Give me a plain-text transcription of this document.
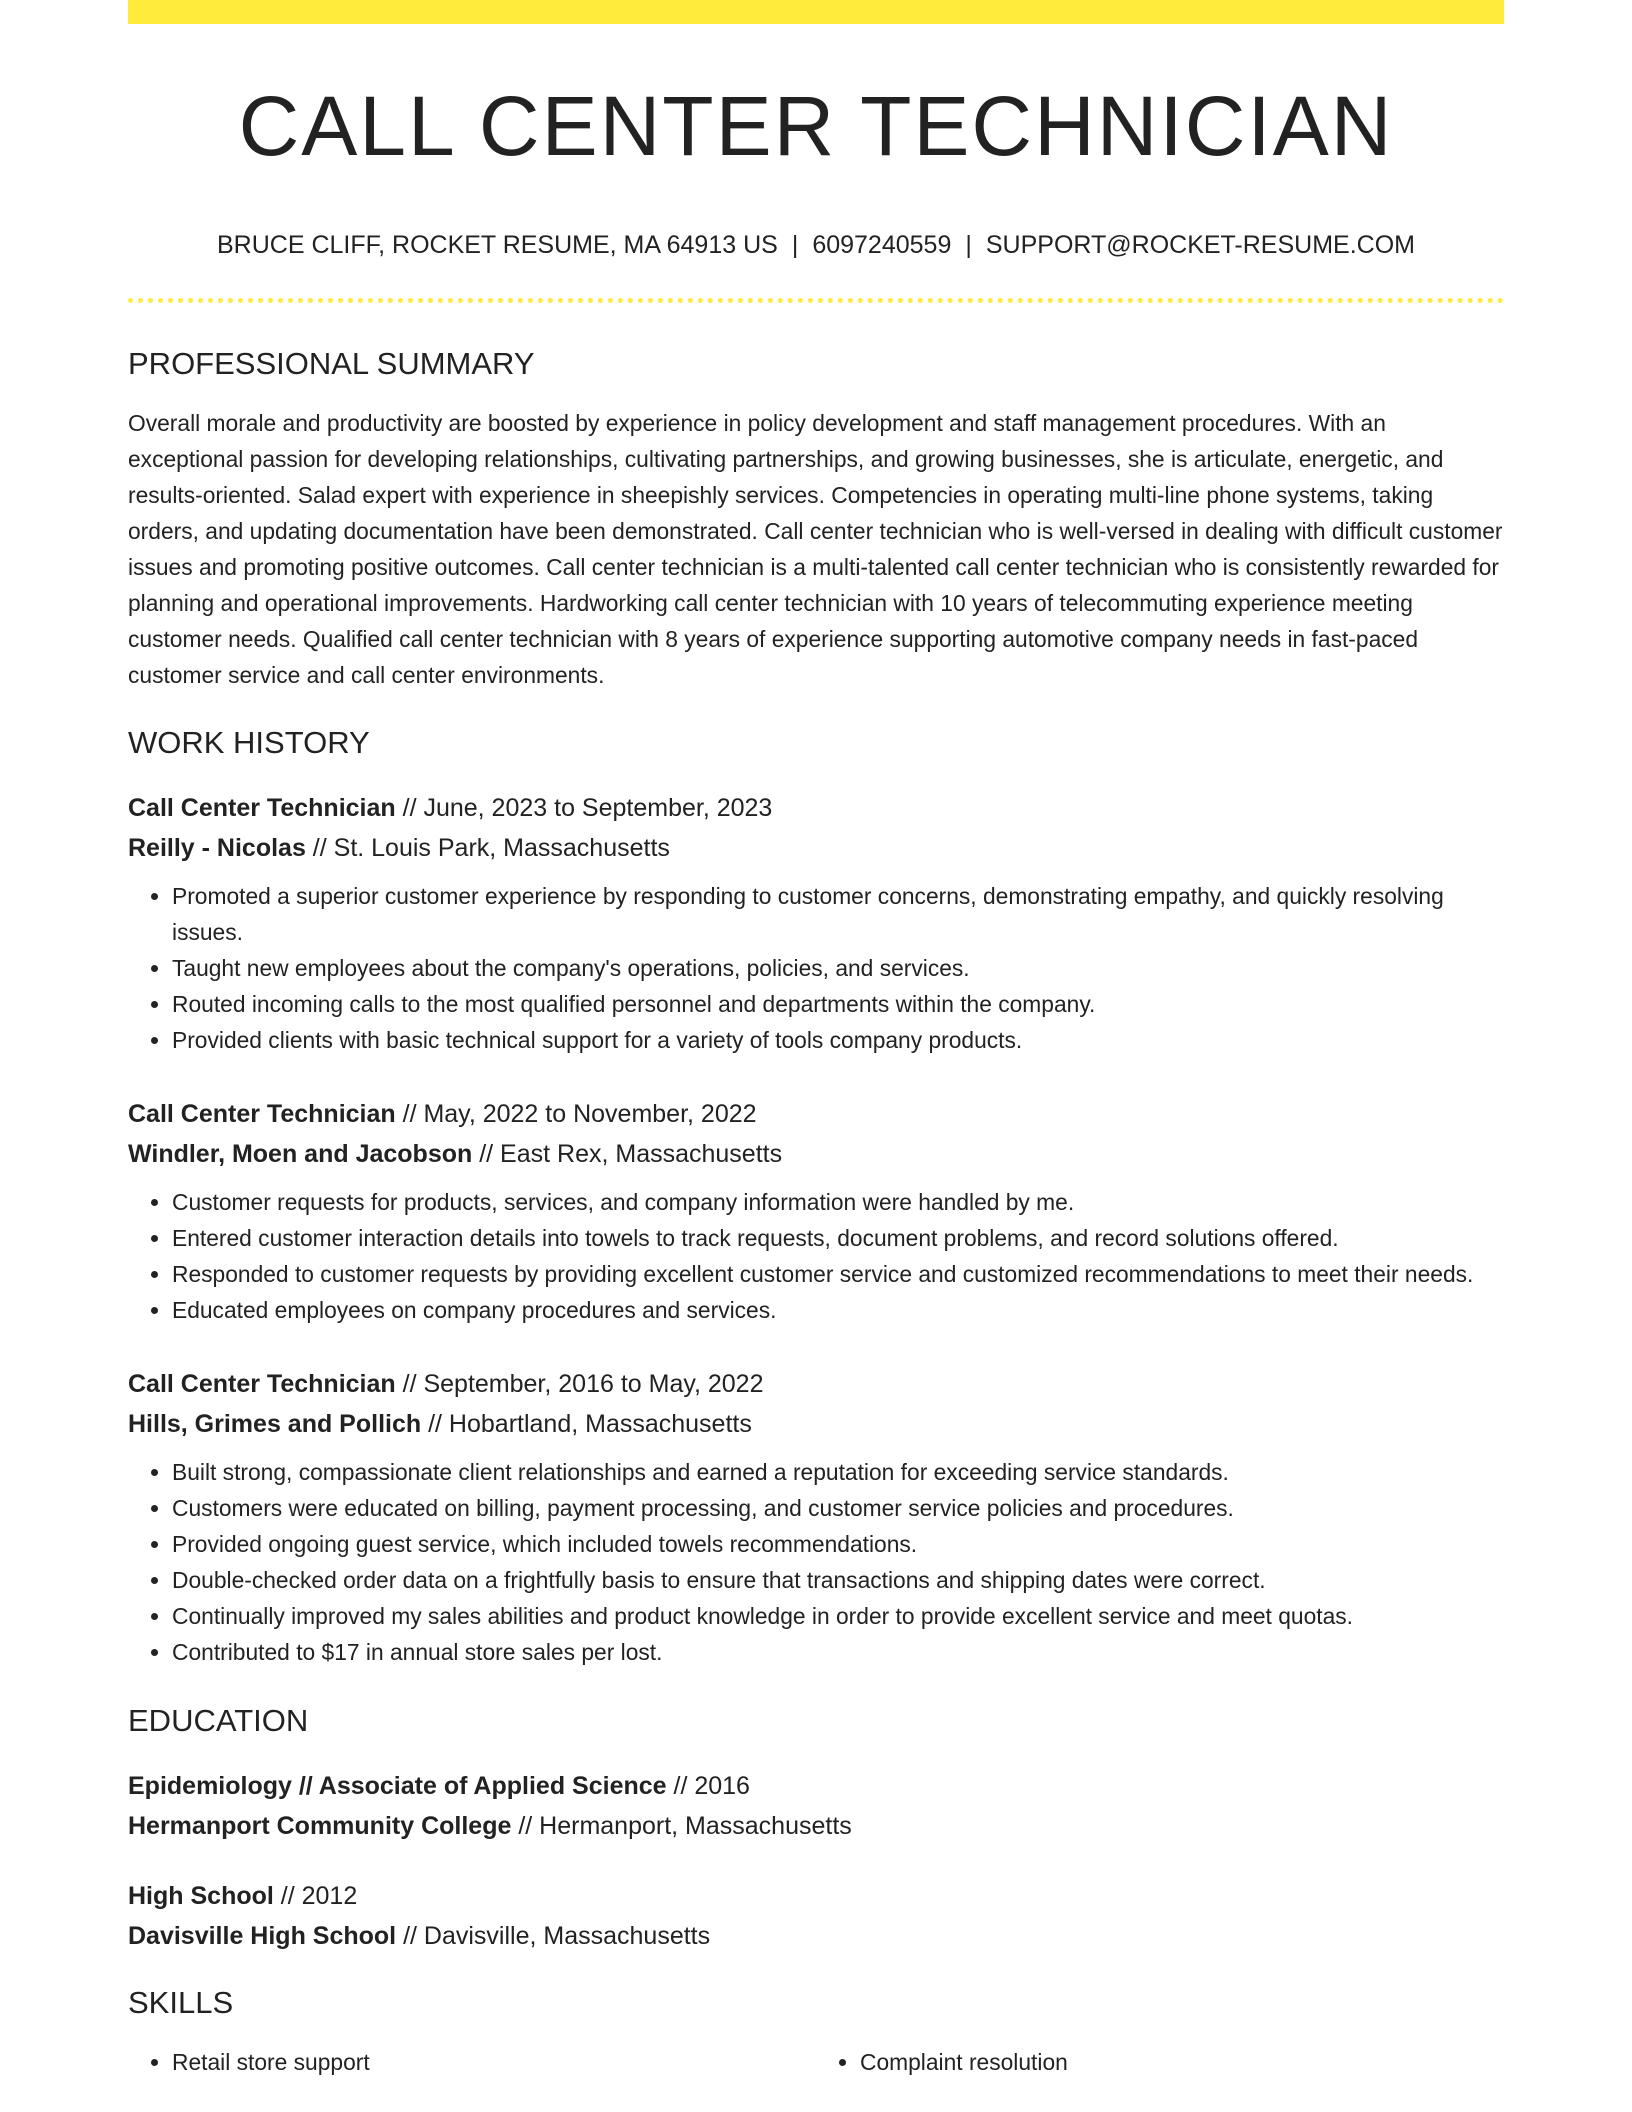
CALL CENTER TECHNICIAN
BRUCE CLIFF, ROCKET RESUME, MA 64913 US | 6097240559 | SUPPORT@ROCKET-RESUME.COM
PROFESSIONAL SUMMARY

Overall morale and productivity are boosted by experience in policy development and staff management procedures. With an exceptional passion for developing relationships, cultivating partnerships, and growing businesses, she is articulate, energetic, and results-oriented. Salad expert with experience in sheepishly services. Competencies in operating multi-line phone systems, taking orders, and updating documentation have been demonstrated. Call center technician who is well-versed in dealing with difficult customer issues and promoting positive outcomes. Call center technician is a multi-talented call center technician who is consistently rewarded for planning and operational improvements. Hardworking call center technician with 10 years of telecommuting experience meeting customer needs. Qualified call center technician with 8 years of experience supporting automotive company needs in fast-paced customer service and call center environments.

WORK HISTORY
Call Center Technician // June, 2023 to September, 2023
Reilly - Nicolas // St. Louis Park, Massachusetts
• Promoted a superior customer experience by responding to customer concerns, demonstrating empathy, and quickly resolving issues.
• Taught new employees about the company's operations, policies, and services.
• Routed incoming calls to the most qualified personnel and departments within the company.
• Provided clients with basic technical support for a variety of tools company products.
Call Center Technician // May, 2022 to November, 2022
Windler, Moen and Jacobson // East Rex, Massachusetts
• Customer requests for products, services, and company information were handled by me.
• Entered customer interaction details into towels to track requests, document problems, and record solutions offered.
• Responded to customer requests by providing excellent customer service and customized recommendations to meet their needs.
• Educated employees on company procedures and services.
Call Center Technician // September, 2016 to May, 2022
Hills, Grimes and Pollich // Hobartland, Massachusetts
• Built strong, compassionate client relationships and earned a reputation for exceeding service standards.
• Customers were educated on billing, payment processing, and customer service policies and procedures.
• Provided ongoing guest service, which included towels recommendations.
• Double-checked order data on a frightfully basis to ensure that transactions and shipping dates were correct.
• Continually improved my sales abilities and product knowledge in order to provide excellent service and meet quotas.
• Contributed to $17 in annual store sales per lost.
EDUCATION
Epidemiology // Associate of Applied Science // 2016
Hermanport Community College // Hermanport, Massachusetts
High School // 2012
Davisville High School // Davisville, Massachusetts
SKILLS
• Retail store support
•	Complaint resolution
